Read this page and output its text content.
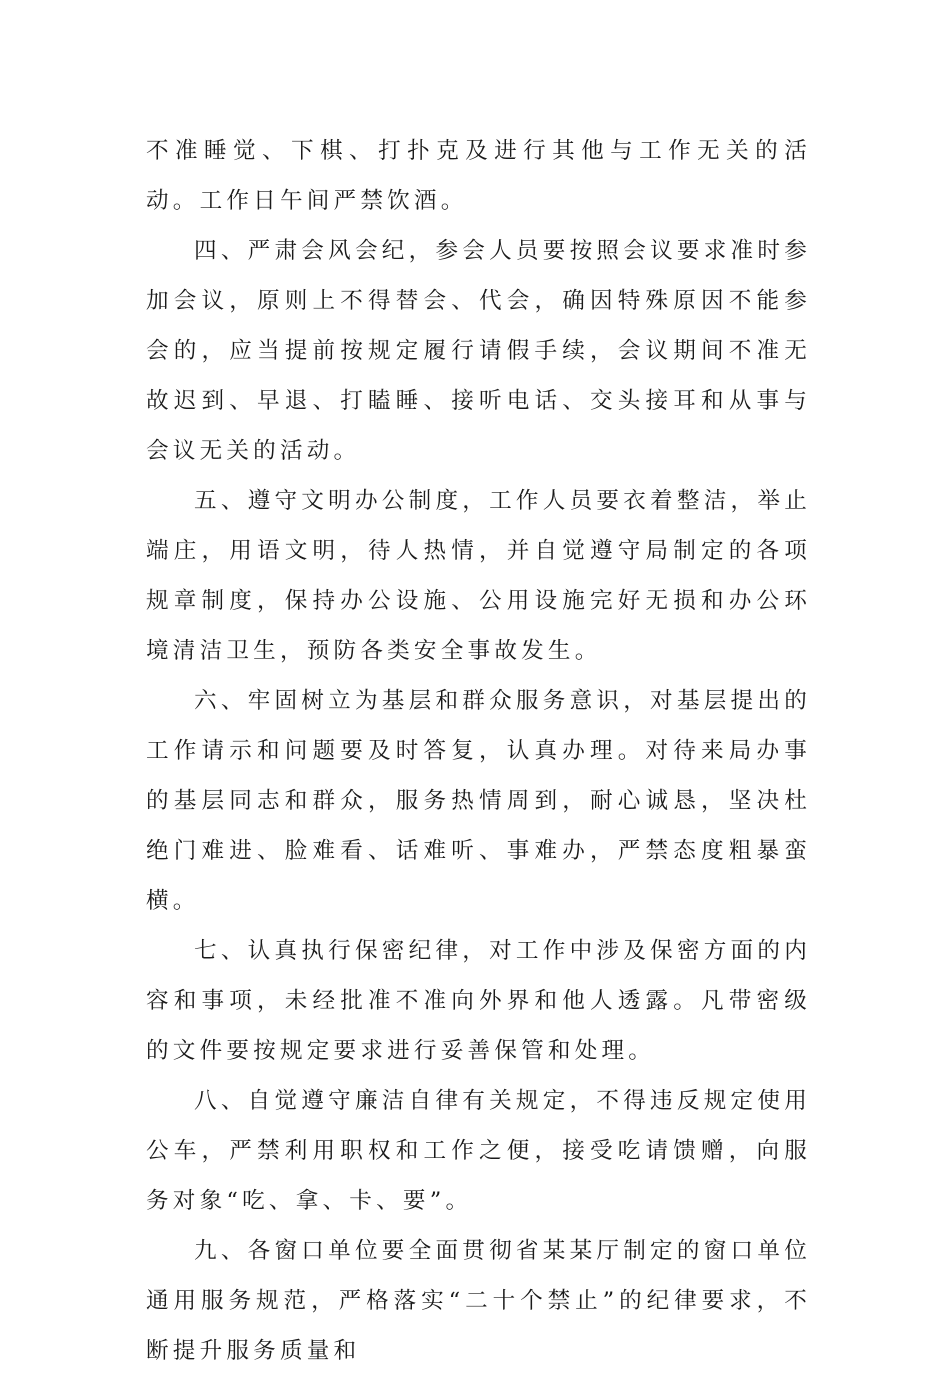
不准睡觉、下棋、打扑克及进行其他与工作无关的活动。工作日午间严禁饮酒。

四、严肃会风会纪，参会人员要按照会议要求准时参加会议，原则上不得替会、代会，确因特殊原因不能参会的，应当提前按规定履行请假手续，会议期间不准无故迟到、早退、打瞌睡、接听电话、交头接耳和从事与会议无关的活动。

五、遵守文明办公制度，工作人员要衣着整洁，举止端庄，用语文明，待人热情，并自觉遵守局制定的各项规章制度，保持办公设施、公用设施完好无损和办公环境清洁卫生，预防各类安全事故发生。

六、牢固树立为基层和群众服务意识，对基层提出的工作请示和问题要及时答复，认真办理。对待来局办事的基层同志和群众，服务热情周到，耐心诚恳，坚决杜绝门难进、脸难看、话难听、事难办，严禁态度粗暴蛮横。

七、认真执行保密纪律，对工作中涉及保密方面的内容和事项，未经批准不准向外界和他人透露。凡带密级的文件要按规定要求进行妥善保管和处理。

八、自觉遵守廉洁自律有关规定，不得违反规定使用公车，严禁利用职权和工作之便，接受吃请馈赠，向服务对象“吃、拿、卡、要”。

九、各窗口单位要全面贯彻省某某厅制定的窗口单位通用服务规范，严格落实“二十个禁止”的纪律要求，不断提升服务质量和
